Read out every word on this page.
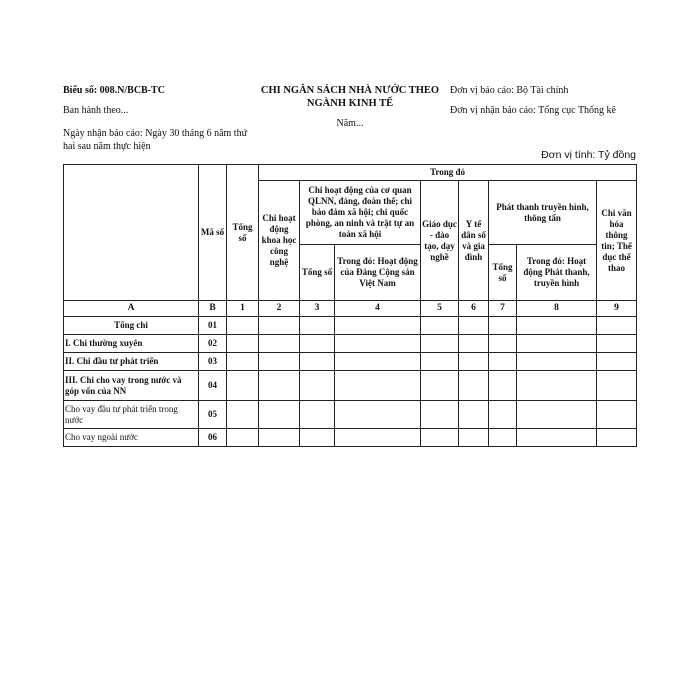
Biểu số: 008.N/BCB-TC
Ban hành theo...
Ngày nhận báo cáo: Ngày 30 tháng 6 năm thứ hai sau năm thực hiện
CHI NGÂN SÁCH NHÀ NƯỚC THEO NGÀNH KINH TẾ
Năm...
Đơn vị báo cáo: Bộ Tài chính
Đơn vị nhận báo cáo: Tổng cục Thống kê
Đơn vị tính: Tỷ đồng
	Mã số	Tổng số	Trong đó							
			Chi hoạt động khoa học công nghệ	Chi hoạt động của cơ quan QLNN, đảng, đoàn thể; chi bảo đảm xã hội; chi quốc phòng, an ninh và trật tự an toàn xã hội		Giáo dục - đào tạo, dạy nghề	Y tế dân số và gia đình	Phát thanh truyền hình, thông tấn		Chi văn hóa thông tin; Thể dục thể thao
				Tổng số	Trong đó: Hoạt động của Đảng Cộng sản Việt Nam			Tổng số	Trong đó: Hoạt động Phát thanh, truyền hình	
A	B	1	2	3	4	5	6	7	8	9
Tổng chi	01									
I. Chi thường xuyên	02									
II. Chi đầu tư phát triển	03									
III. Chi cho vay trong nước và góp vốn của NN	04									
Cho vay đầu tư phát triển trong nước	05									
Cho vay ngoài nước	06									
